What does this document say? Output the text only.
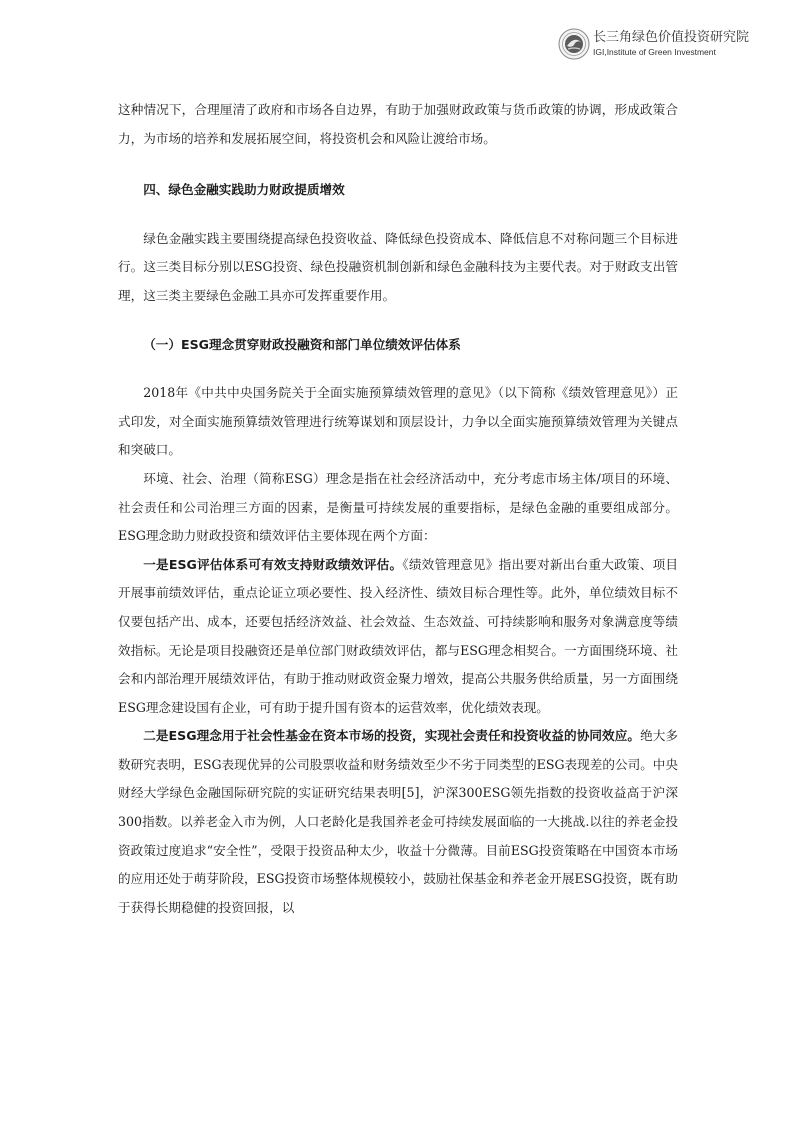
长三角绿色价值投资研究院
IGI,Institute of Green Investment

这种情况下，合理厘清了政府和市场各自边界，有助于加强财政政策与货币政策的协调，形成政策合力，为市场的培养和发展拓展空间，将投资机会和风险让渡给市场。

四、绿色金融实践助力财政提质增效

绿色金融实践主要围绕提高绿色投资收益、降低绿色投资成本、降低信息不对称问题三个目标进行。这三类目标分别以ESG投资、绿色投融资机制创新和绿色金融科技为主要代表。对于财政支出管理，这三类主要绿色金融工具亦可发挥重要作用。

（一）ESG理念贯穿财政投融资和部门单位绩效评估体系

2018年《中共中央国务院关于全面实施预算绩效管理的意见》（以下简称《绩效管理意见》）正式印发，对全面实施预算绩效管理进行统筹谋划和顶层设计，力争以全面实施预算绩效管理为关键点和突破口。

环境、社会、治理（简称ESG）理念是指在社会经济活动中，充分考虑市场主体/项目的环境、社会责任和公司治理三方面的因素，是衡量可持续发展的重要指标，是绿色金融的重要组成部分。ESG理念助力财政投资和绩效评估主要体现在两个方面：

一是ESG评估体系可有效支持财政绩效评估。《绩效管理意见》指出要对新出台重大政策、项目开展事前绩效评估，重点论证立项必要性、投入经济性、绩效目标合理性等。此外，单位绩效目标不仅要包括产出、成本，还要包括经济效益、社会效益、生态效益、可持续影响和服务对象满意度等绩效指标。无论是项目投融资还是单位部门财政绩效评估，都与ESG理念相契合。一方面围绕环境、社会和内部治理开展绩效评估，有助于推动财政资金聚力增效，提高公共服务供给质量，另一方面围绕ESG理念建设国有企业，可有助于提升国有资本的运营效率，优化绩效表现。

二是ESG理念用于社会性基金在资本市场的投资，实现社会责任和投资收益的协同效应。绝大多数研究表明，ESG表现优异的公司股票收益和财务绩效至少不劣于同类型的ESG表现差的公司。中央财经大学绿色金融国际研究院的实证研究结果表明[5]，沪深300ESG领先指数的投资收益高于沪深300指数。以养老金入市为例，人口老龄化是我国养老金可持续发展面临的一大挑战.以往的养老金投资政策过度追求“安全性”，受限于投资品种太少，收益十分微薄。目前ESG投资策略在中国资本市场的应用还处于萌芽阶段，ESG投资市场整体规模较小，鼓励社保基金和养老金开展ESG投资，既有助于获得长期稳健的投资回报，以
